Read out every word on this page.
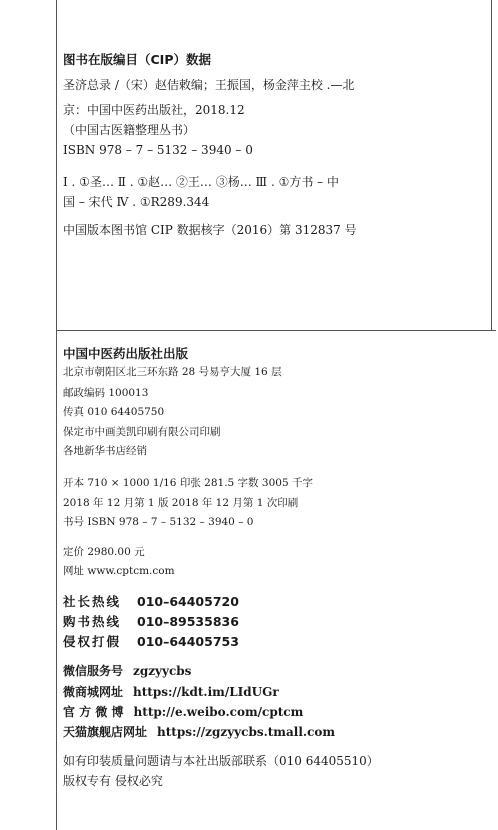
图书在版编目（CIP）数据
圣济总录 /（宋）赵佶敕编；王振国，杨金萍主校 .—北
京：中国中医药出版社，2018.12
（中国古医籍整理丛书）
ISBN 978 – 7 – 5132 – 3940 – 0
Ⅰ . ①圣… Ⅱ . ①赵… ②王… ③杨… Ⅲ . ①方书 – 中
国 – 宋代 Ⅳ . ①R289.344
中国版本图书馆 CIP 数据核字（2016）第 312837 号
中国中医药出版社出版
北京市朝阳区北三环东路 28 号易亨大厦 16 层
邮政编码 100013
传真 010 64405750
保定市中画美凯印刷有限公司印刷
各地新华书店经销
开本 710 × 1000 1/16 印张 281.5 字数 3005 千字
2018 年 12 月第 1 版 2018 年 12 月第 1 次印刷
书号 ISBN 978 – 7 – 5132 – 3940 – 0
定价 2980.00 元
网址 www.cptcm.com
社长热线 010–64405720
购书热线 010–89535836
侵权打假 010–64405753
微信服务号 zgzyycbs
微商城网址 https://kdt.im/LIdUGr
官 方 微 博 http://e.weibo.com/cptcm
天猫旗舰店网址 https://zgzyycbs.tmall.com
如有印装质量问题请与本社出版部联系（010 64405510）
版权专有 侵权必究
